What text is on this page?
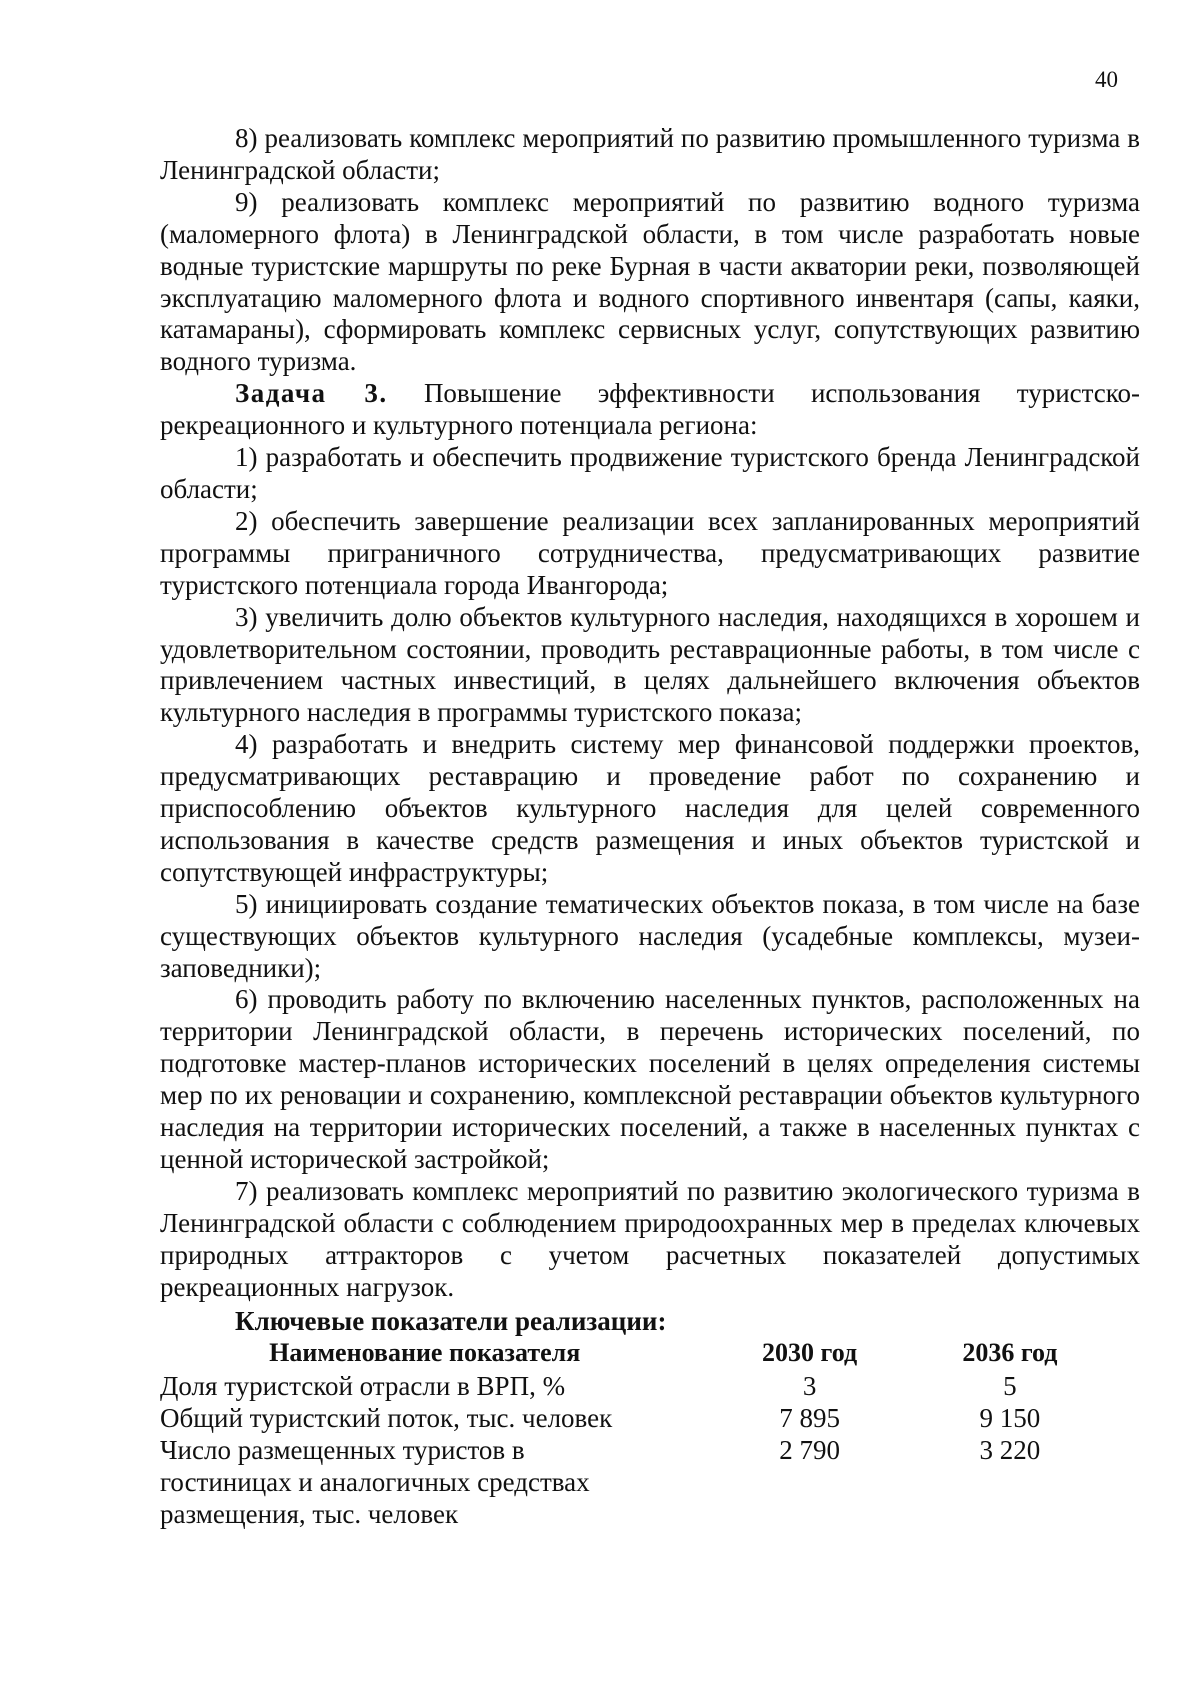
40

8) реализовать комплекс мероприятий по развитию промышленного туризма в Ленинградской области;

9) реализовать комплекс мероприятий по развитию водного туризма (маломерного флота) в Ленинградской области, в том числе разработать новые водные туристские маршруты по реке Бурная в части акватории реки, позволяющей эксплуатацию маломерного флота и водного спортивного инвентаря (сапы, каяки, катамараны), сформировать комплекс сервисных услуг, сопутствующих развитию водного туризма.

Задача 3. Повышение эффективности использования туристско-рекреационного и культурного потенциала региона:

1) разработать и обеспечить продвижение туристского бренда Ленинградской области;

2) обеспечить завершение реализации всех запланированных мероприятий программы приграничного сотрудничества, предусматривающих развитие туристского потенциала города Ивангорода;

3) увеличить долю объектов культурного наследия, находящихся в хорошем и удовлетворительном состоянии, проводить реставрационные работы, в том числе с привлечением частных инвестиций, в целях дальнейшего включения объектов культурного наследия в программы туристского показа;

4) разработать и внедрить систему мер финансовой поддержки проектов, предусматривающих реставрацию и проведение работ по сохранению и приспособлению объектов культурного наследия для целей современного использования в качестве средств размещения и иных объектов туристской и сопутствующей инфраструктуры;

5) инициировать создание тематических объектов показа, в том числе на базе существующих объектов культурного наследия (усадебные комплексы, музеи-заповедники);

6) проводить работу по включению населенных пунктов, расположенных на территории Ленинградской области, в перечень исторических поселений, по подготовке мастер-планов исторических поселений в целях определения системы мер по их реновации и сохранению, комплексной реставрации объектов культурного наследия на территории исторических поселений, а также в населенных пунктах с ценной исторической застройкой;

7) реализовать комплекс мероприятий по развитию экологического туризма в Ленинградской области с соблюдением природоохранных мер в пределах ключевых природных аттракторов с учетом расчетных показателей допустимых рекреационных нагрузок.

Ключевые показатели реализации:
Наименование показателя	2030 год	2036 год
Доля туристской отрасли в ВРП, %	3	5
Общий туристский поток, тыс. человек	7 895	9 150
Число размещенных туристов в гостиницах и аналогичных средствах размещения, тыс. человек	2 790	3 220
